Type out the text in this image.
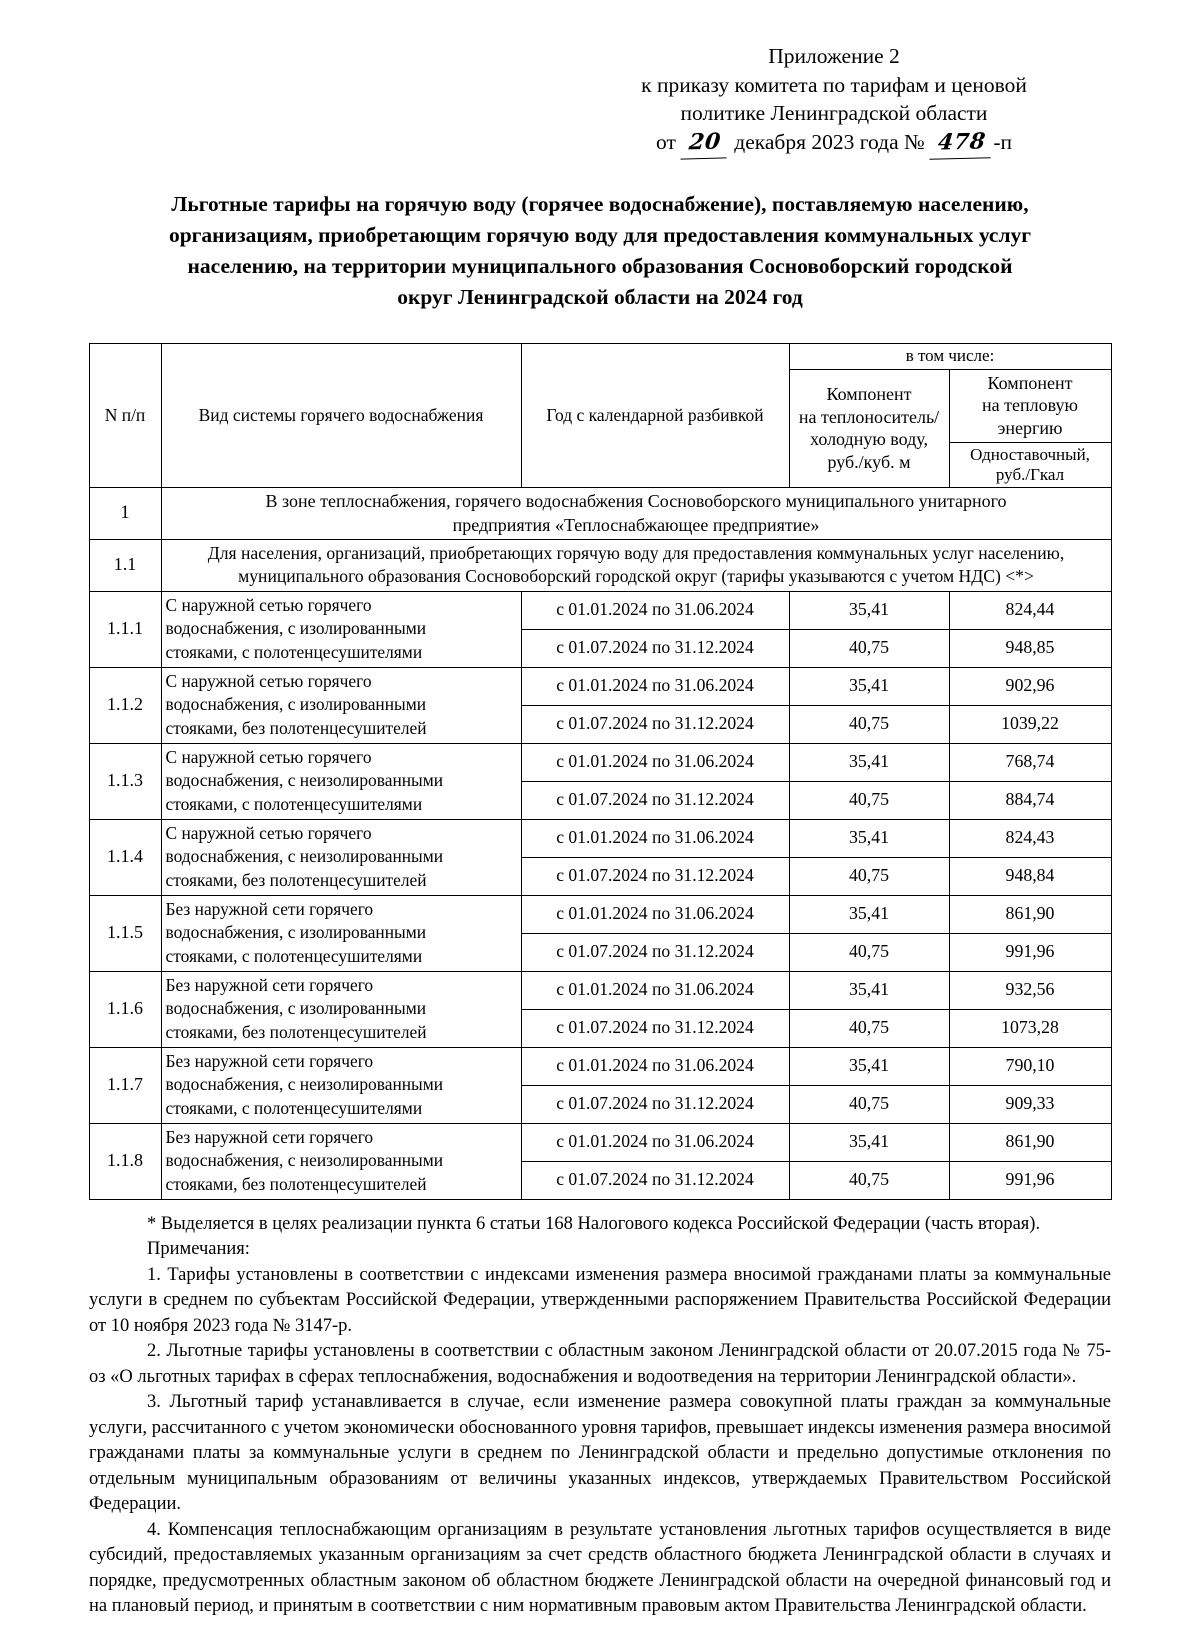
Приложение 2
к приказу комитета по тарифам и ценовой
политике Ленинградской области
от 20 декабря 2023 года № 478 -п
Льготные тарифы на горячую воду (горячее водоснабжение), поставляемую населению,
организациям, приобретающим горячую воду для предоставления коммунальных услуг
населению, на территории муниципального образования Сосновоборский городской
округ Ленинградской области на 2024 год
N п/п	Вид системы горячего водоснабжения	Год с календарной разбивкой	в том числе:	

			Компонент
на теплоноситель/
холодную воду,
руб./куб. м	Компонент
на тепловую
энергию

				Одноставочный,
руб./Гкал

1	В зоне теплоснабжения, горячего водоснабжения Сосновоборского муниципального унитарного
предприятия «Теплоснабжающее предприятие»			

1.1	Для населения, организаций, приобретающих горячую воду для предоставления коммунальных услуг населению,
муниципального образования Сосновоборский городской округ (тарифы указываются с учетом НДС) <*>			

1.1.1	С наружной сетью горячего
водоснабжения, с изолированными
стояками, с полотенцесушителями	с 01.01.2024 по 31.06.2024	35,41	824,44
		с 01.07.2024 по 31.12.2024	40,75	948,85
1.1.2	С наружной сетью горячего
водоснабжения, с изолированными
стояками, без полотенцесушителей	с 01.01.2024 по 31.06.2024	35,41	902,96
		с 01.07.2024 по 31.12.2024	40,75	1039,22
1.1.3	С наружной сетью горячего
водоснабжения, с неизолированными
стояками, с полотенцесушителями	с 01.01.2024 по 31.06.2024	35,41	768,74
		с 01.07.2024 по 31.12.2024	40,75	884,74
1.1.4	С наружной сетью горячего
водоснабжения, с неизолированными
стояками, без полотенцесушителей	с 01.01.2024 по 31.06.2024	35,41	824,43
		с 01.07.2024 по 31.12.2024	40,75	948,84
1.1.5	Без наружной сети горячего
водоснабжения, с изолированными
стояками, с полотенцесушителями	с 01.01.2024 по 31.06.2024	35,41	861,90
		с 01.07.2024 по 31.12.2024	40,75	991,96
1.1.6	Без наружной сети горячего
водоснабжения, с изолированными
стояками, без полотенцесушителей	с 01.01.2024 по 31.06.2024	35,41	932,56
		с 01.07.2024 по 31.12.2024	40,75	1073,28
1.1.7	Без наружной сети горячего
водоснабжения, с неизолированными
стояками, с полотенцесушителями	с 01.01.2024 по 31.06.2024	35,41	790,10
		с 01.07.2024 по 31.12.2024	40,75	909,33
1.1.8	Без наружной сети горячего
водоснабжения, с неизолированными
стояками, без полотенцесушителей	с 01.01.2024 по 31.06.2024	35,41	861,90
		с 01.07.2024 по 31.12.2024	40,75	991,96

* Выделяется в целях реализации пункта 6 статьи 168 Налогового кодекса Российской Федерации (часть вторая).

Примечания:

1. Тарифы установлены в соответствии с индексами изменения размера вносимой гражданами платы за коммунальные услуги в среднем по субъектам Российской Федерации, утвержденными распоряжением Правительства Российской Федерации от 10 ноября 2023 года № 3147-р.

2. Льготные тарифы установлены в соответствии с областным законом Ленинградской области от 20.07.2015 года № 75-оз «О льготных тарифах в сферах теплоснабжения, водоснабжения и водоотведения на территории Ленинградской области».

3. Льготный тариф устанавливается в случае, если изменение размера совокупной платы граждан за коммунальные услуги, рассчитанного с учетом экономически обоснованного уровня тарифов, превышает индексы изменения размера вносимой гражданами платы за коммунальные услуги в среднем по Ленинградской области и предельно допустимые отклонения по отдельным муниципальным образованиям от величины указанных индексов, утверждаемых Правительством Российской Федерации.

4. Компенсация теплоснабжающим организациям в результате установления льготных тарифов осуществляется в виде субсидий, предоставляемых указанным организациям за счет средств областного бюджета Ленинградской области в случаях и порядке, предусмотренных областным законом об областном бюджете Ленинградской области на очередной финансовый год и на плановый период, и принятым в соответствии с ним нормативным правовым актом Правительства Ленинградской области.
